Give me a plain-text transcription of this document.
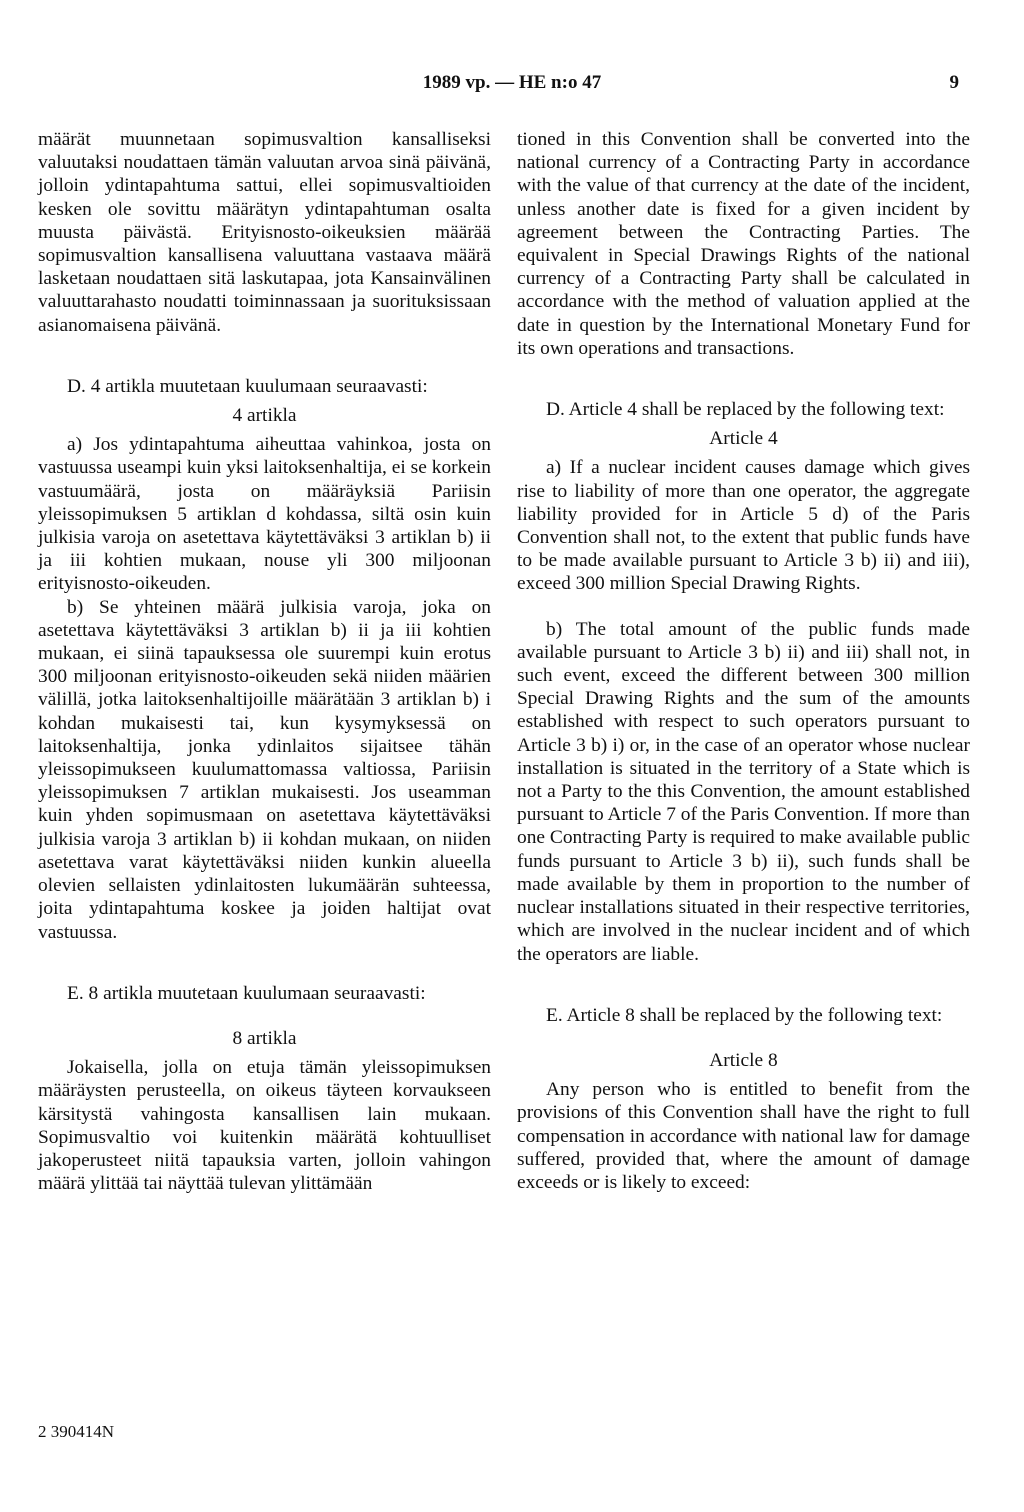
1989 vp. — HE n:o 47	9

määrät muunnetaan sopimusvaltion kansalliseksi valuutaksi noudattaen tämän valuutan arvoa sinä päivänä, jolloin ydintapahtuma sattui, ellei sopimusvaltioiden kesken ole sovittu määrätyn ydintapahtuman osalta muusta päivästä. Erityisnosto-oikeuksien määrää sopimusvaltion kansallisena valuuttana vastaava määrä lasketaan noudattaen sitä laskutapaa, jota Kansainvälinen valuuttarahasto noudatti toiminnassaan ja suorituksissaan asianomaisena päivänä.

D. 4 artikla muutetaan kuulumaan seuraavasti:

4 artikla

a) Jos ydintapahtuma aiheuttaa vahinkoa, josta on vastuussa useampi kuin yksi laitoksenhaltija, ei se korkein vastuumäärä, josta on määräyksiä Pariisin yleissopimuksen 5 artiklan d kohdassa, siltä osin kuin julkisia varoja on asetettava käytettäväksi 3 artiklan b) ii ja iii kohtien mukaan, nouse yli 300 miljoonan erityisnosto-oikeuden.

b) Se yhteinen määrä julkisia varoja, joka on asetettava käytettäväksi 3 artiklan b) ii ja iii kohtien mukaan, ei siinä tapauksessa ole suurempi kuin erotus 300 miljoonan erityisnosto-oikeuden sekä niiden määrien välillä, jotka laitoksenhaltijoille määrätään 3 artiklan b) i kohdan mukaisesti tai, kun kysymyksessä on laitoksenhaltija, jonka ydinlaitos sijaitsee tähän yleissopimukseen kuulumattomassa valtiossa, Pariisin yleissopimuksen 7 artiklan mukaisesti. Jos useamman kuin yhden sopimusmaan on asetettava käytettäväksi julkisia varoja 3 artiklan b) ii kohdan mukaan, on niiden asetettava varat käytettäväksi niiden kunkin alueella olevien sellaisten ydinlaitosten lukumäärän suhteessa, joita ydintapahtuma koskee ja joiden haltijat ovat vastuussa.

E. 8 artikla muutetaan kuulumaan seuraavasti:

8 artikla

Jokaisella, jolla on etuja tämän yleissopimuksen määräysten perusteella, on oikeus täyteen korvaukseen kärsitystä vahingosta kansallisen lain mukaan. Sopimusvaltio voi kuitenkin määrätä kohtuulliset jakoperusteet niitä tapauksia varten, jolloin vahingon määrä ylittää tai näyttää tulevan ylittämään

tioned in this Convention shall be converted into the national currency of a Contracting Party in accordance with the value of that currency at the date of the incident, unless another date is fixed for a given incident by agreement between the Contracting Parties. The equivalent in Special Drawings Rights of the national currency of a Contracting Party shall be calculated in accordance with the method of valuation applied at the date in question by the International Monetary Fund for its own operations and transactions.

D. Article 4 shall be replaced by the following text:

Article 4

a) If a nuclear incident causes damage which gives rise to liability of more than one operator, the aggregate liability provided for in Article 5 d) of the Paris Convention shall not, to the extent that public funds have to be made available pursuant to Article 3 b) ii) and iii), exceed 300 million Special Drawing Rights.

b) The total amount of the public funds made available pursuant to Article 3 b) ii) and iii) shall not, in such event, exceed the different between 300 million Special Drawing Rights and the sum of the amounts established with respect to such operators pursuant to Article 3 b) i) or, in the case of an operator whose nuclear installation is situated in the territory of a State which is not a Party to the this Convention, the amount established pursuant to Article 7 of the Paris Convention. If more than one Contracting Party is required to make available public funds pursuant to Article 3 b) ii), such funds shall be made available by them in proportion to the number of nuclear installations situated in their respective territories, which are involved in the nuclear incident and of which the operators are liable.

E. Article 8 shall be replaced by the following text:

Article 8

Any person who is entitled to benefit from the provisions of this Convention shall have the right to full compensation in accordance with national law for damage suffered, provided that, where the amount of damage exceeds or is likely to exceed:

2 390414N
